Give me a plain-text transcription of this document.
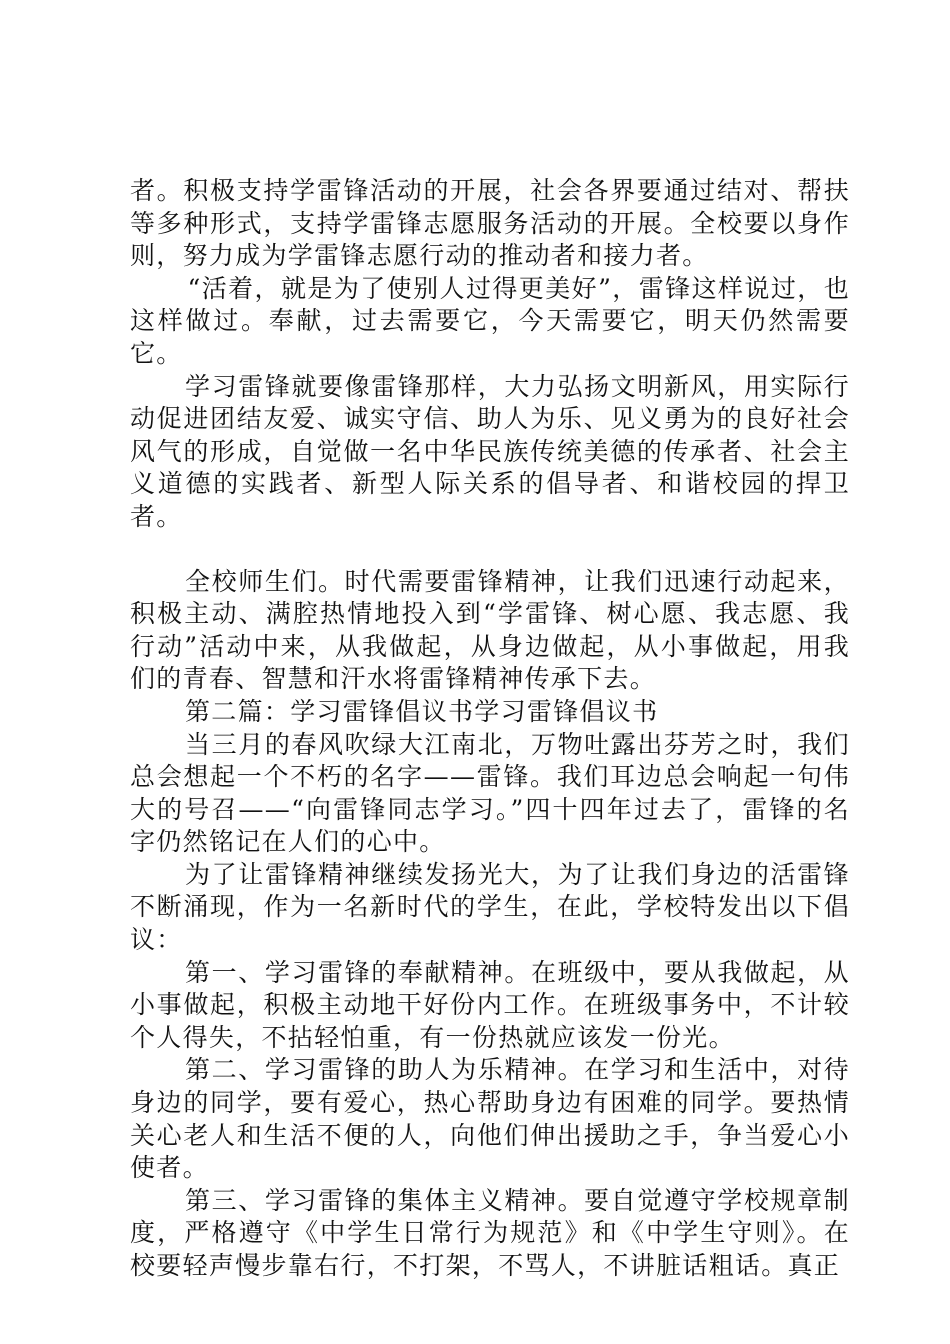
者。积极支持学雷锋活动的开展，社会各界要通过结对、帮扶等多种形式，支持学雷锋志愿服务活动的开展。全校要以身作则，努力成为学雷锋志愿行动的推动者和接力者。

“活着，就是为了使别人过得更美好”，雷锋这样说过，也这样做过。奉献，过去需要它，今天需要它，明天仍然需要它。

学习雷锋就要像雷锋那样，大力弘扬文明新风，用实际行动促进团结友爱、诚实守信、助人为乐、见义勇为的良好社会风气的形成，自觉做一名中华民族传统美德的传承者、社会主义道德的实践者、新型人际关系的倡导者、和谐校园的捍卫者。

全校师生们。时代需要雷锋精神，让我们迅速行动起来，积极主动、满腔热情地投入到“学雷锋、树心愿、我志愿、我行动”活动中来，从我做起，从身边做起，从小事做起，用我们的青春、智慧和汗水将雷锋精神传承下去。

第二篇：学习雷锋倡议书学习雷锋倡议书

当三月的春风吹绿大江南北，万物吐露出芬芳之时，我们总会想起一个不朽的名字——雷锋。我们耳边总会响起一句伟大的号召——“向雷锋同志学习。”四十四年过去了，雷锋的名字仍然铭记在人们的心中。

为了让雷锋精神继续发扬光大，为了让我们身边的活雷锋不断涌现，作为一名新时代的学生，在此，学校特发出以下倡议：

第一、学习雷锋的奉献精神。在班级中，要从我做起，从小事做起，积极主动地干好份内工作。在班级事务中，不计较个人得失，不拈轻怕重，有一份热就应该发一份光。

第二、学习雷锋的助人为乐精神。在学习和生活中，对待身边的同学，要有爱心，热心帮助身边有困难的同学。要热情关心老人和生活不便的人，向他们伸出援助之手，争当爱心小使者。

第三、学习雷锋的集体主义精神。要自觉遵守学校规章制度，严格遵守《中学生日常行为规范》和《中学生守则》。在校要轻声慢步靠右行，不打架，不骂人，不讲脏话粗话。真正
